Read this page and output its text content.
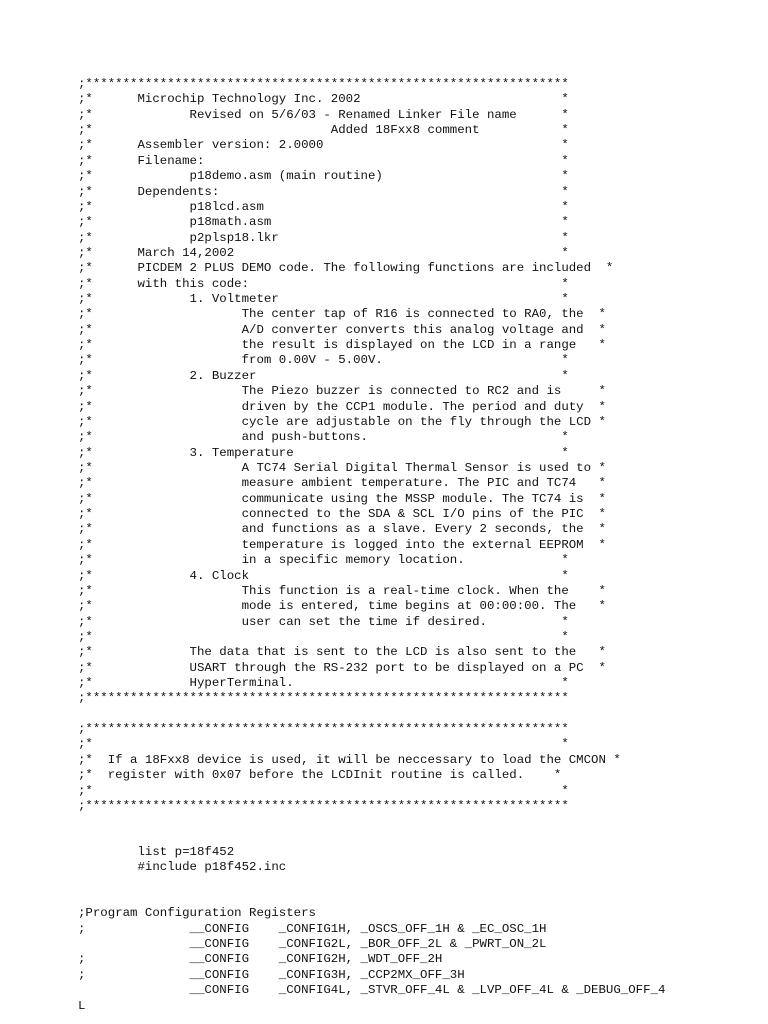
;*****************************************************************
;*      Microchip Technology Inc. 2002                           *
;*             Revised on 5/6/03 - Renamed Linker File name      *
;*                                Added 18Fxx8 comment           *
;*      Assembler version: 2.0000                                *
;*      Filename:                                                *
;*             p18demo.asm (main routine)                        *
;*      Dependents:                                              *
;*             p18lcd.asm                                        *
;*             p18math.asm                                       *
;*             p2plsp18.lkr                                      *
;*      March 14,2002                                            *
;*      PICDEM 2 PLUS DEMO code. The following functions are included  *
;*      with this code:                                          *
;*             1. Voltmeter                                      *
;*                    The center tap of R16 is connected to RA0, the  *
;*                    A/D converter converts this analog voltage and  *
;*                    the result is displayed on the LCD in a range   *
;*                    from 0.00V - 5.00V.                        *
;*             2. Buzzer                                         *
;*                    The Piezo buzzer is connected to RC2 and is     *
;*                    driven by the CCP1 module. The period and duty  *
;*                    cycle are adjustable on the fly through the LCD *
;*                    and push-buttons.                          *
;*             3. Temperature                                    *
;*                    A TC74 Serial Digital Thermal Sensor is used to *
;*                    measure ambient temperature. The PIC and TC74   *
;*                    communicate using the MSSP module. The TC74 is  *
;*                    connected to the SDA & SCL I/O pins of the PIC  *
;*                    and functions as a slave. Every 2 seconds, the  *
;*                    temperature is logged into the external EEPROM  *
;*                    in a specific memory location.             *
;*             4. Clock                                          *
;*                    This function is a real-time clock. When the    *
;*                    mode is entered, time begins at 00:00:00. The   *
;*                    user can set the time if desired.          *
;*                                                               *
;*             The data that is sent to the LCD is also sent to the   *
;*             USART through the RS-232 port to be displayed on a PC  *
;*             HyperTerminal.                                    *
;*****************************************************************
;*****************************************************************
;*                                                               *
;*  If a 18Fxx8 device is used, it will be neccessary to load the CMCON *
;*  register with 0x07 before the LCDInit routine is called.    *
;*                                                               *
;*****************************************************************
list p=18f452
#include p18f452.inc
;Program Configuration Registers
;              __CONFIG    _CONFIG1H, _OSCS_OFF_1H & _EC_OSC_1H
__CONFIG    _CONFIG2L, _BOR_OFF_2L & _PWRT_ON_2L
;              __CONFIG    _CONFIG2H, _WDT_OFF_2H
;              __CONFIG    _CONFIG3H, _CCP2MX_OFF_3H
__CONFIG    _CONFIG4L, _STVR_OFF_4L & _LVP_OFF_4L & _DEBUG_OFF_4
L
